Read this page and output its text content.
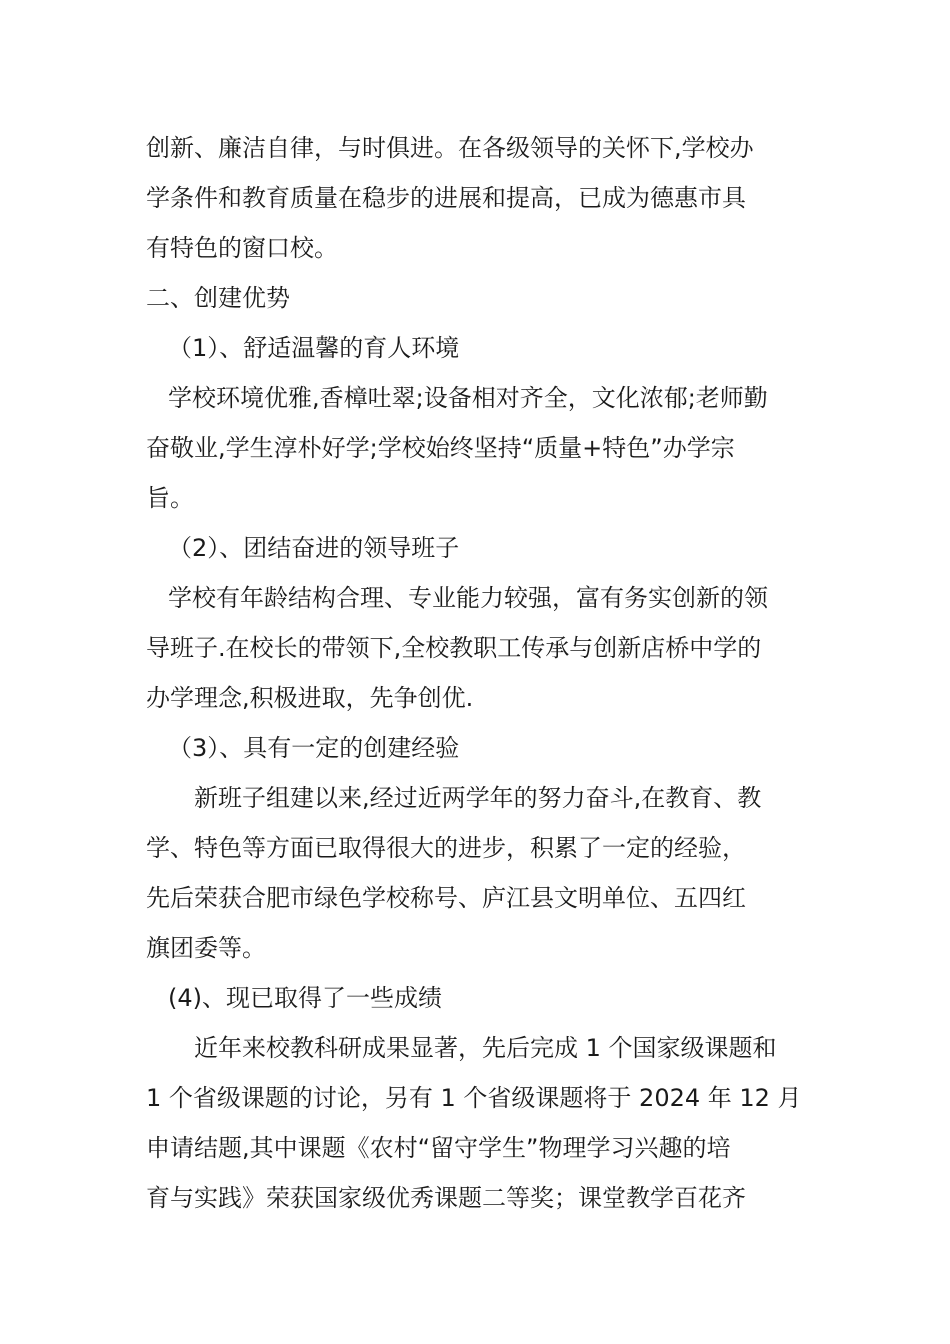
创新、廉洁自律，与时俱进。在各级领导的关怀下,学校办
学条件和教育质量在稳步的进展和提高，已成为德惠市具
有特色的窗口校。
二、创建优势
（1）、舒适温馨的育人环境
学校环境优雅,香樟吐翠;设备相对齐全，文化浓郁;老师勤
奋敬业,学生淳朴好学;学校始终坚持“质量+特色”办学宗
旨。
（2）、团结奋进的领导班子
学校有年龄结构合理、专业能力较强，富有务实创新的领
导班子.在校长的带领下,全校教职工传承与创新店桥中学的
办学理念,积极进取，先争创优.
（3）、具有一定的创建经验
新班子组建以来,经过近两学年的努力奋斗,在教育、教
学、特色等方面已取得很大的进步，积累了一定的经验，
先后荣获合肥市绿色学校称号、庐江县文明单位、五四红
旗团委等。
(4)、现已取得了一些成绩
近年来校教科研成果显著，先后完成 1 个国家级课题和
1 个省级课题的讨论，另有 1 个省级课题将于 2024 年 12 月
申请结题,其中课题《农村“留守学生”物理学习兴趣的培
育与实践》荣获国家级优秀课题二等奖；课堂教学百花齐
